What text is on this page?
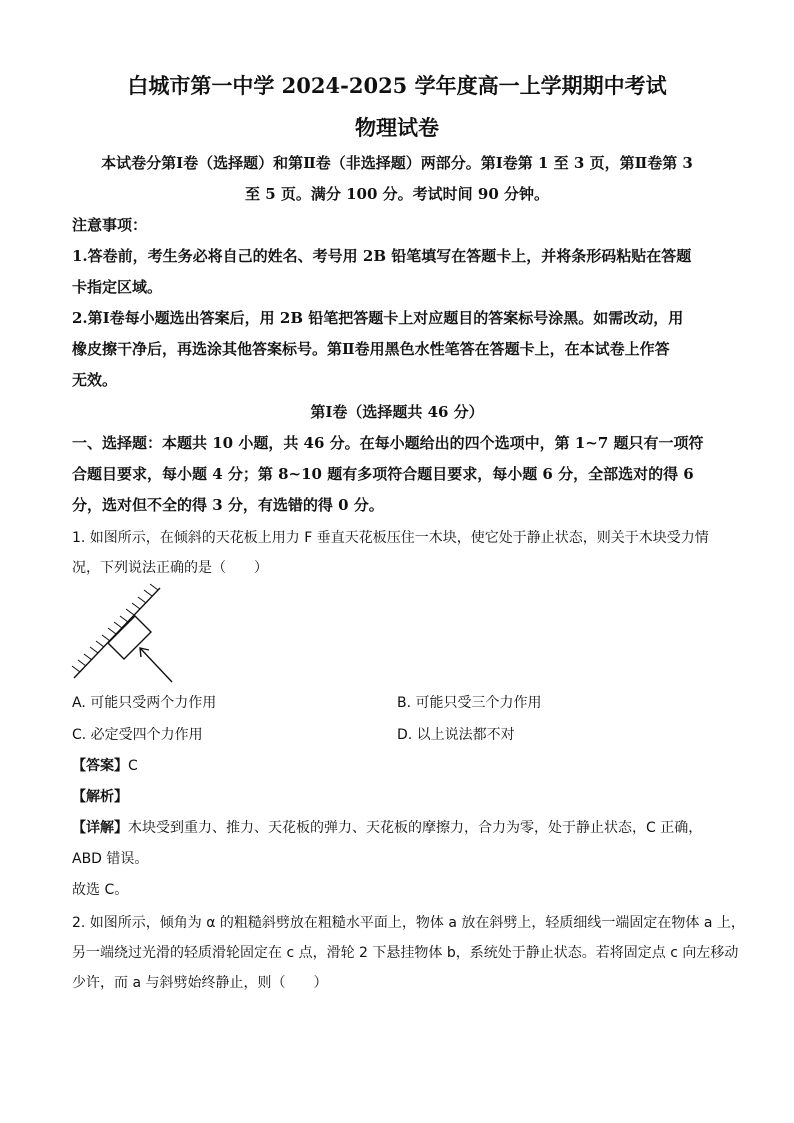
白城市第一中学 2024-2025 学年度高一上学期期中考试
物理试卷
本试卷分第Ⅰ卷（选择题）和第Ⅱ卷（非选择题）两部分。第Ⅰ卷第 1 至 3 页，第Ⅱ卷第 3
至 5 页。满分 100 分。考试时间 90 分钟。
注意事项：
1.答卷前，考生务必将自己的姓名、考号用 2B 铅笔填写在答题卡上，并将条形码粘贴在答题
卡指定区域。
2.第Ⅰ卷每小题选出答案后，用 2B 铅笔把答题卡上对应题目的答案标号涂黑。如需改动，用
橡皮擦干净后，再选涂其他答案标号。第Ⅱ卷用黑色水性笔答在答题卡上，在本试卷上作答
无效。
第Ⅰ卷（选择题共 46 分）
一、选择题：本题共 10 小题，共 46 分。在每小题给出的四个选项中，第 1~7 题只有一项符
合题目要求，每小题 4 分；第 8~10 题有多项符合题目要求，每小题 6 分，全部选对的得 6
分，选对但不全的得 3 分，有选错的得 0 分。
1. 如图所示，在倾斜的天花板上用力 F 垂直天花板压住一木块，使它处于静止状态，则关于木块受力情
况，下列说法正确的是（　　）
A. 可能只受两个力作用	B. 可能只受三个力作用
C. 必定受四个力作用	D. 以上说法都不对
【答案】C
【解析】
【详解】木块受到重力、推力、天花板的弹力、天花板的摩擦力，合力为零，处于静止状态，C 正确，
ABD 错误。
故选 C。
2. 如图所示，倾角为 α 的粗糙斜劈放在粗糙水平面上，物体 a 放在斜劈上，轻质细线一端固定在物体 a 上，
另一端绕过光滑的轻质滑轮固定在 c 点，滑轮 2 下悬挂物体 b，系统处于静止状态。若将固定点 c 向左移动
少许，而 a 与斜劈始终静止，则（　　）
